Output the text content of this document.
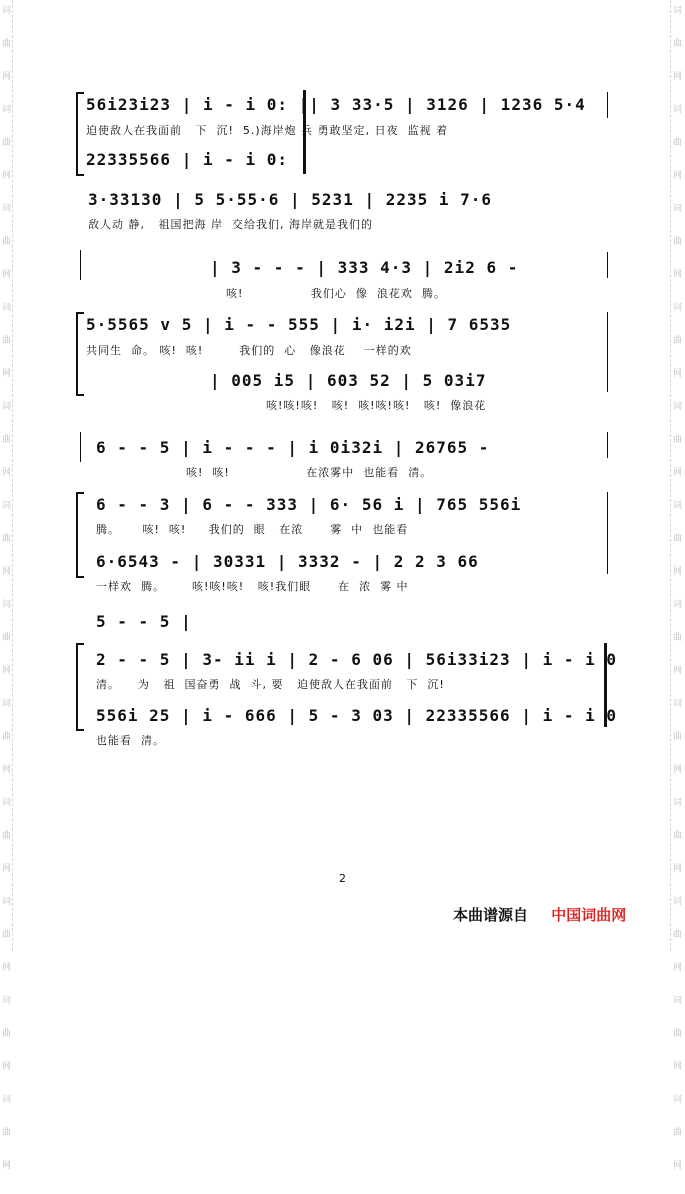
词
曲
网
词
曲
网
词
曲
网
词
曲
网
词
曲
网
词
曲
网
词
曲
网
词
曲
网
词
曲
网
词
曲
网
词
曲
网
词
曲
网
词
曲
网
词
曲
网
词
曲
网
词
曲
网
词
曲
网
词
曲
网
词
曲
网
词
曲
网
词
曲
网
词
曲
网
词
曲
网
词
曲
网
56i23i23 | i - i 0: || 3 33·5 | 3126 | 1236 5·4
迫使敌人在我面前   下  沉!  5.)海岸炮 兵 勇敢坚定, 日夜  监视 着
22335566 | i - i 0:
3·33130 | 5 5·55·6 | 5231 | 2235 i 7·6
敌人动 静,   祖国把海 岸  交给我们, 海岸就是我们的
| 3 - - - | 333 4·3 | 2i2 6 -
咳!               我们心  像  浪花欢  腾。
5·5565 v 5 | i - - 555 | i· i2i | 7 6535
共同生  命。 咳!  咳!        我们的  心   像浪花    一样的欢
| 005 i5 | 603 52 | 5 03i7
咳!咳!咳!   咳!  咳!咳!咳!   咳!  像浪花
6 - - 5 | i - - - | i 0i32i | 26765 -
咳!  咳!                 在浓雾中  也能看  清。
6 - - 3 | 6 - - 333 | 6· 56 i | 765 556i
腾。     咳!  咳!     我们的  眼   在浓      雾  中  也能看
6·6543 - | 30331 | 3332 - | 2 2 3 66
一样欢  腾。      咳!咳!咳!   咳!我们眼      在  浓  雾 中
5 - - 5 |
2 - - 5 | 3- ii i | 2 - 6 06 | 56i33i23 | i - i 0
清。    为   祖  国奋勇  战  斗, 要   迫使敌人在我面前   下  沉!
556i 25 | i - 666 | 5 - 3 03 | 22335566 | i - i 0
也能看  清。
2
本曲谱源自 中国词曲网
